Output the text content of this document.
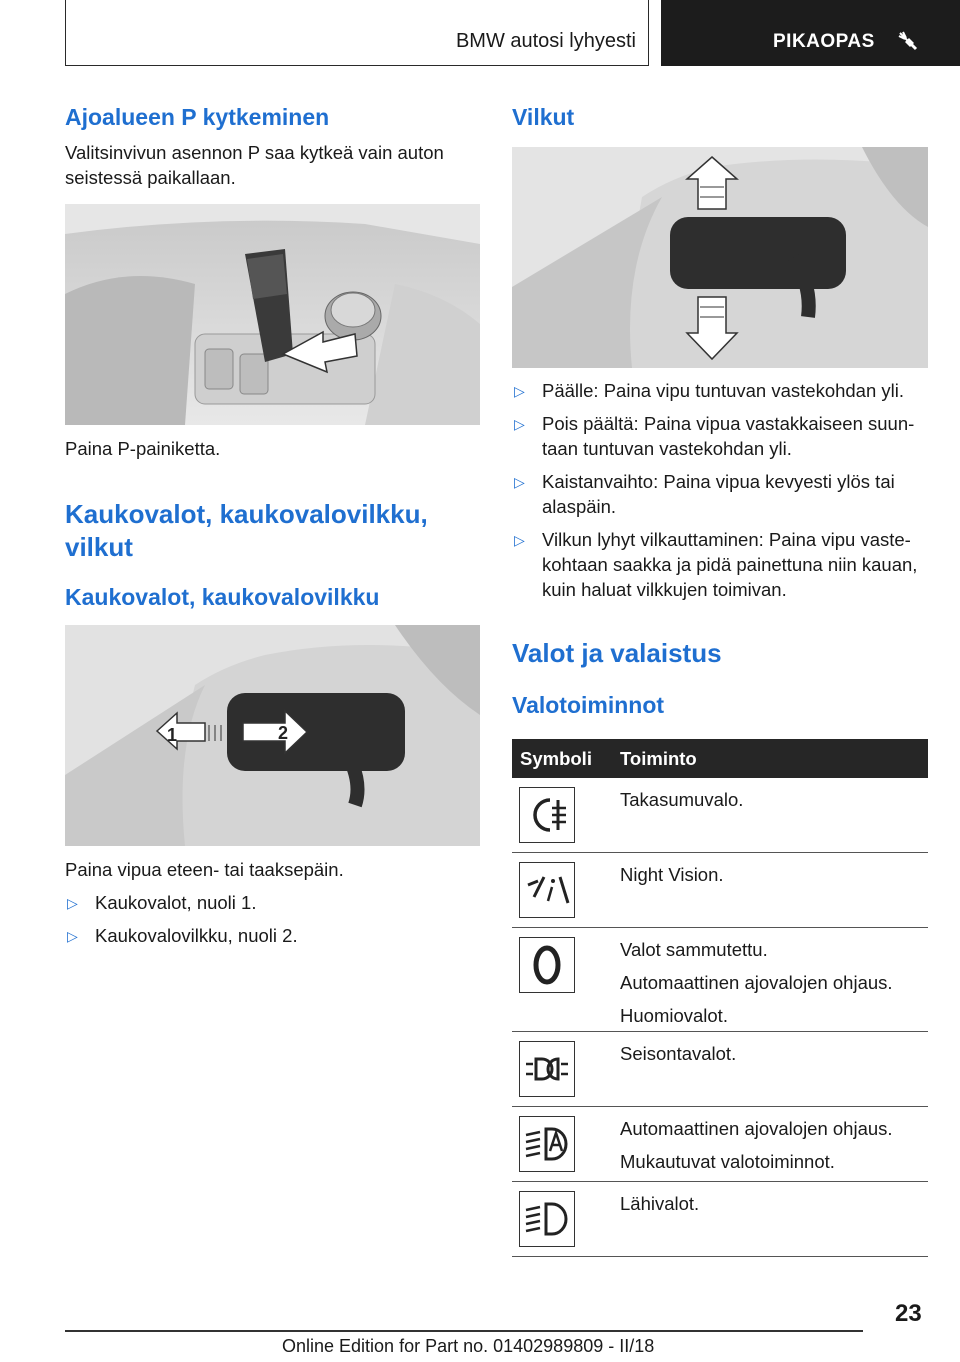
BMW autosi lyhyesti	PIKAOPAS
Ajoalueen P kytkeminen
Valitsinvivun asennon P saa kytkeä vain auton seistessä paikallaan.
Paina P-painiketta.
Kaukovalot, kaukovalovilkku, vilkut
Kaukovalot, kaukovalovilkku
1	2
Paina vipua eteen- tai taaksepäin.
▷ Kaukovalot, nuoli 1.
▷ Kaukovalovilkku, nuoli 2.
Vilkut
▷ Päälle: Paina vipu tuntuvan vastekohdan yli.
▷ Pois päältä: Paina vipua vastakkaiseen suun-taan tuntuvan vastekohdan yli.
▷ Kaistanvaihto: Paina vipua kevyesti ylös tai alaspäin.
▷ Vilkun lyhyt vilkauttaminen: Paina vipu vaste-kohtaan saakka ja pidä painettuna niin kauan, kuin haluat vilkkujen toimivan.
Valot ja valaistus
Valotoiminnot
Symboli Toiminto
Takasumuvalo.
Night Vision.
Valot sammutettu.
Automaattinen ajovalojen ohjaus.
Huomiovalot.
Seisontavalot.
Automaattinen ajovalojen ohjaus.
Mukautuvat valotoiminnot.
Lähivalot.
23
Online Edition for Part no. 01402989809 - II/18
